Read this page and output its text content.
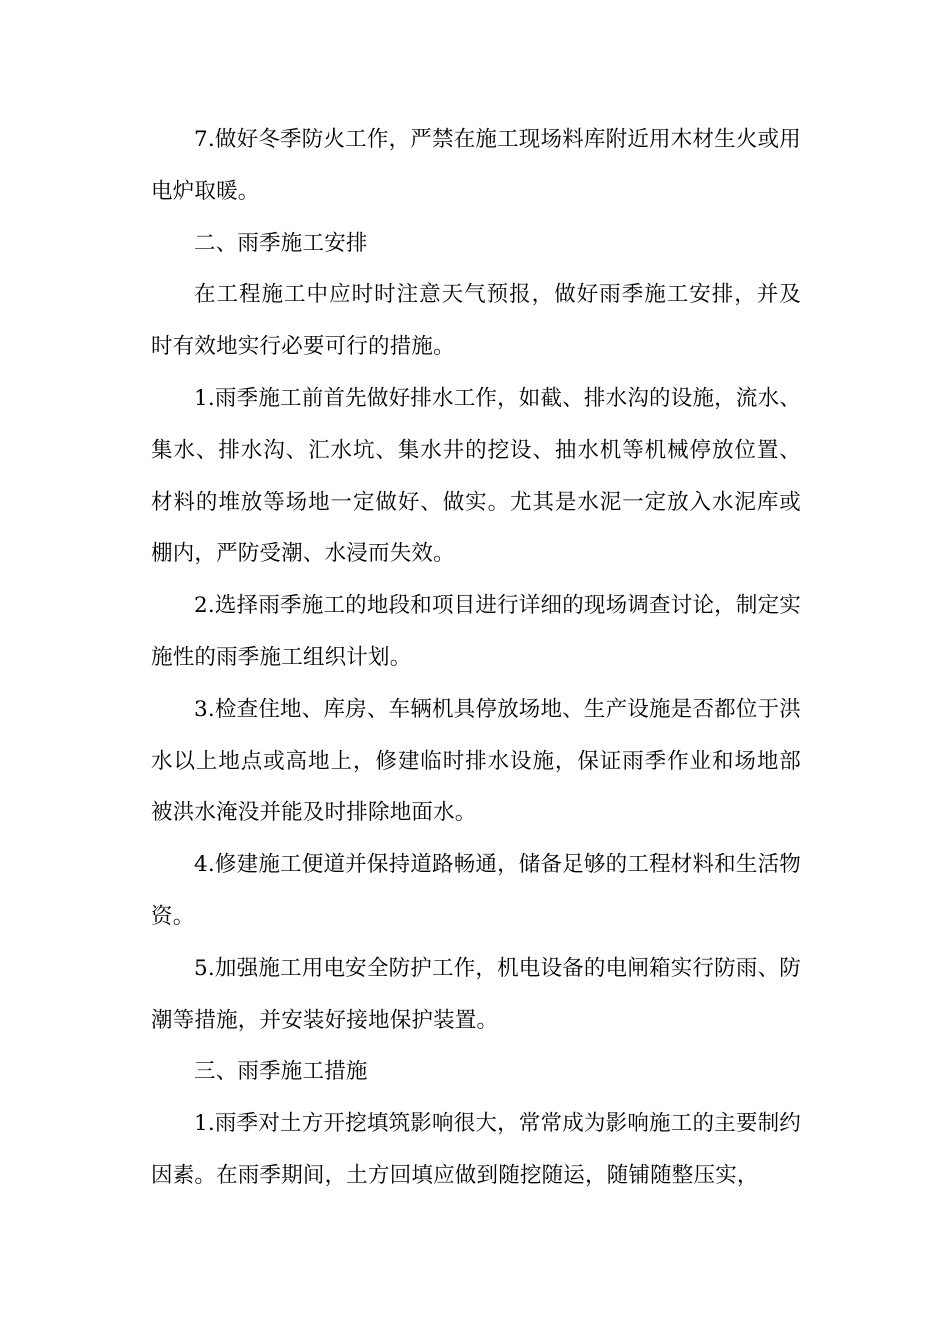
7.做好冬季防火工作，严禁在施工现场料库附近用木材生火或用电炉取暖。

二、雨季施工安排

在工程施工中应时时注意天气预报，做好雨季施工安排，并及时有效地实行必要可行的措施。

1.雨季施工前首先做好排水工作，如截、排水沟的设施，流水、集水、排水沟、汇水坑、集水井的挖设、抽水机等机械停放位置、材料的堆放等场地一定做好、做实。尤其是水泥一定放入水泥库或棚内，严防受潮、水浸而失效。

2.选择雨季施工的地段和项目进行详细的现场调查讨论，制定实施性的雨季施工组织计划。

3.检查住地、库房、车辆机具停放场地、生产设施是否都位于洪水以上地点或高地上，修建临时排水设施，保证雨季作业和场地部被洪水淹没并能及时排除地面水。

4.修建施工便道并保持道路畅通，储备足够的工程材料和生活物资。

5.加强施工用电安全防护工作，机电设备的电闸箱实行防雨、防潮等措施，并安装好接地保护装置。

三、雨季施工措施

1.雨季对土方开挖填筑影响很大，常常成为影响施工的主要制约因素。在雨季期间，土方回填应做到随挖随运，随铺随整压实，
